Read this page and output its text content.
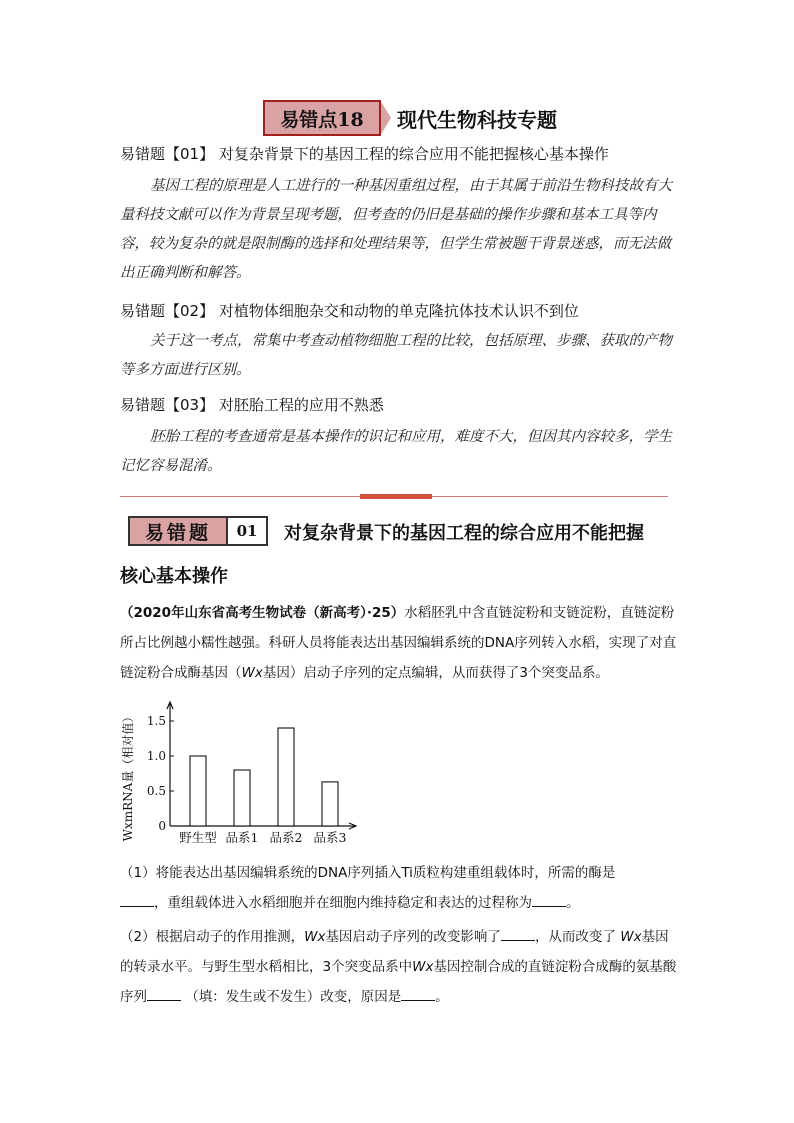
易错点18	现代生物科技专题
易错题【01】 对复杂背景下的基因工程的综合应用不能把握核心基本操作
基因工程的原理是人工进行的一种基因重组过程，由于其属于前沿生物科技故有大量科技文献可以作为背景呈现考题，但考查的仍旧是基础的操作步骤和基本工具等内容，较为复杂的就是限制酶的选择和处理结果等，但学生常被题干背景迷惑，而无法做出正确判断和解答。
易错题【02】 对植物体细胞杂交和动物的单克隆抗体技术认识不到位
关于这一考点，常集中考查动植物细胞工程的比较，包括原理、步骤、获取的产物等多方面进行区别。
易错题【03】 对胚胎工程的应用不熟悉
胚胎工程的考查通常是基本操作的识记和应用，难度不大，但因其内容较多，学生记忆容易混淆。
易错题	01	对复杂背景下的基因工程的综合应用不能把握
核心基本操作
（2020年山东省高考生物试卷（新高考）·25）水稻胚乳中含直链淀粉和支链淀粉，直链淀粉所占比例越小糯性越强。科研人员将能表达出基因编辑系统的DNA序列转入水稻，实现了对直链淀粉合成酶基因（Wx基因）启动子序列的定点编辑，从而获得了3个突变品系。
0
0.5
1.0
1.5
WxmRNA量（相对值）	野生型 品系1 品系2 品系3
（1）将能表达出基因编辑系统的DNA序列插入Ti质粒构建重组载体时，所需的酶是
，重组载体进入水稻细胞并在细胞内维持稳定和表达的过程称为	。
（2）根据启动子的作用推测，Wx基因启动子序列的改变影响了	，从而改变了 Wx基因的转录水平。与野生型水稻相比，3个突变品系中Wx基因控制合成的直链淀粉合成酶的氨基酸序列	（填：发生或不发生）改变，原因是	。
